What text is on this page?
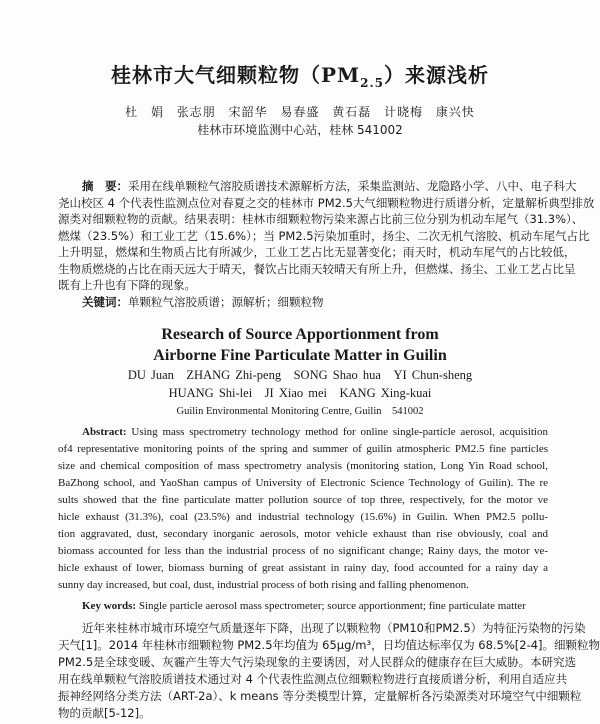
桂林市大气细颗粒物$(PM_{2.5})$来源浅析
杜 娟 张志朋 宋韶华 易春盛 黄石磊 计晓梅 康兴快
桂林市环境监测中心站，桂林 541002
摘　要：采用在线单颗粒气溶胶质谱技术源解析方法，采集监测站、龙隐路小学、八中、电子科大
尧山校区 4 个代表性监测点位对春夏之交的桂林市 PM2.5大气细颗粒物进行质谱分析，定量解析典型排放
源类对细颗粒物的贡献。结果表明：桂林市细颗粒物污染来源占比前三位分别为机动车尾气（31.3%）、
燃煤（23.5%）和工业工艺（15.6%）；当 PM2.5污染加重时，扬尘、二次无机气溶胶、机动车尾气占比
上升明显，燃煤和生物质占比有所减少，工业工艺占比无显著变化；雨天时，机动车尾气的占比较低，
生物质燃烧的占比在雨天远大于晴天，餐饮占比雨天较晴天有所上升，但燃煤、扬尘、工业工艺占比呈
既有上升也有下降的现象。
关键词：单颗粒气溶胶质谱；源解析；细颗粒物
Research of Source Apportionment from
Airborne Fine Particulate Matter in Guilin
DU Juan　ZHANG Zhi-peng　SONG Shao hua　YI Chun-sheng
HUANG Shi-lei　JI Xiao mei　KANG Xing-kuai
Guilin Environmental Monitoring Centre, Guilin　541002
Abstract: Using mass spectrometry technology method for online single-particle aerosol, acquisition
of4 representative monitoring points of the spring and summer of guilin atmospheric PM2.5 fine particles
size and chemical composition of mass spectrometry analysis (monitoring station, Long Yin Road school,
BaZhong school, and YaoShan campus of University of Electronic Science Technology of Guilin). The re
sults showed that the fine particulate matter pollution source of top three, respectively, for the motor ve
hicle exhaust (31.3%), coal (23.5%) and industrial technology (15.6%) in Guilin. When PM2.5 pollu-
tion aggravated, dust, secondary inorganic aerosols, motor vehicle exhaust than rise obviously, coal and
biomass accounted for less than the industrial process of no significant change; Rainy days, the motor ve-
hicle exhaust of lower, biomass burning of great assistant in rainy day, food accounted for a rainy day a
sunny day increased, but coal, dust, industrial process of both rising and falling phenomenon.
Key words: Single particle aerosol mass spectrometer; source apportionment; fine particulate matter
近年来桂林市城市环境空气质量逐年下降，出现了以颗粒物（PM10和PM2.5）为特征污染物的污染
天气[1]。2014 年桂林市细颗粒物 PM2.5年均值为 65μg/m³，日均值达标率仅为 68.5%[2-4]。细颗粒物
PM2.5是全球变暖、灰霾产生等大气污染现象的主要诱因，对人民群众的健康存在巨大威胁。本研究选
用在线单颗粒气溶胶质谱技术通过对 4 个代表性监测点位细颗粒物进行直接质谱分析，利用自适应共
振神经网络分类方法（ART-2a）、k means 等分类模型计算，定量解析各污染源类对环境空气中细颗粒
物的贡献[5-12]。
